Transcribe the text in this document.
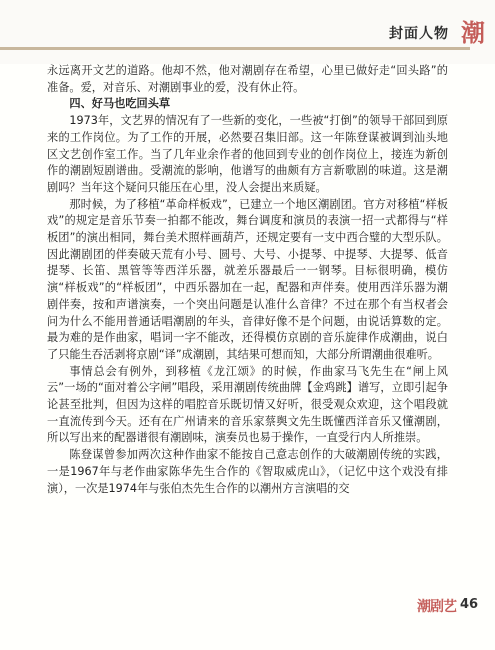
封面人物 潮

永远离开文艺的道路。他却不然，他对潮剧存在希望，心里已做好走“回头路”的准备。爱，对音乐、对潮剧事业的爱，没有休止符。

四、好马也吃回头草

1973年，文艺界的情况有了一些新的变化，一些被“打倒”的领导干部回到原来的工作岗位。为了工作的开展，必然要召集旧部。这一年陈登谋被调到汕头地区文艺创作室工作。当了几年业余作者的他回到专业的创作岗位上，接连为新创作的潮剧短剧谱曲。受潮流的影响，他谱写的曲颇有方言新歌剧的味道。这是潮剧吗？当年这个疑问只能压在心里，没人会提出来质疑。

那时候，为了移植“革命样板戏”，已建立一个地区潮剧团。官方对移植“样板戏”的规定是音乐节奏一拍都不能改，舞台调度和演员的表演一招一式都得与“样板团”的演出相同，舞台美术照样画葫芦，还规定要有一支中西合璧的大型乐队。因此潮剧团的伴奏破天荒有小号、圆号、大号、小提琴、中提琴、大提琴、低音提琴、长笛、黑管等等西洋乐器，就差乐器最后一一钢琴。目标很明确，模仿演“样板戏”的“样板团”，中西乐器加在一起，配器和声伴奏。使用西洋乐器为潮剧伴奏，按和声谱演奏，一个突出问题是认准什么音律？不过在那个有当权者会问为什么不能用普通话唱潮剧的年头，音律好像不是个问题，由说话算数的定。最为难的是作曲家，唱词一字不能改，还得模仿京剧的音乐旋律作成潮曲，说白了只能生吞活剥将京剧“译”成潮剧，其结果可想而知，大部分所谓潮曲很难听。

事情总会有例外，到移植《龙江颂》的时候，作曲家马飞先生在“闸上风云”一场的“面对着公字闸”唱段，采用潮剧传统曲牌【金鸡跳】谱写，立即引起争论甚至批判，但因为这样的唱腔音乐既切情又好听，很受观众欢迎，这个唱段就一直流传到今天。还有在广州请来的音乐家蔡舆文先生既懂西洋音乐又懂潮剧，所以写出来的配器谱很有潮剧味，演奏员也易于操作，一直受行内人所推崇。

陈登谋曾参加两次这种作曲家不能按自己意志创作的大破潮剧传统的实践，一是1967年与老作曲家陈华先生合作的《智取威虎山》，（记忆中这个戏没有排演），一次是1974年与张伯杰先生合作的以潮州方言演唱的交

潮剧艺 46
